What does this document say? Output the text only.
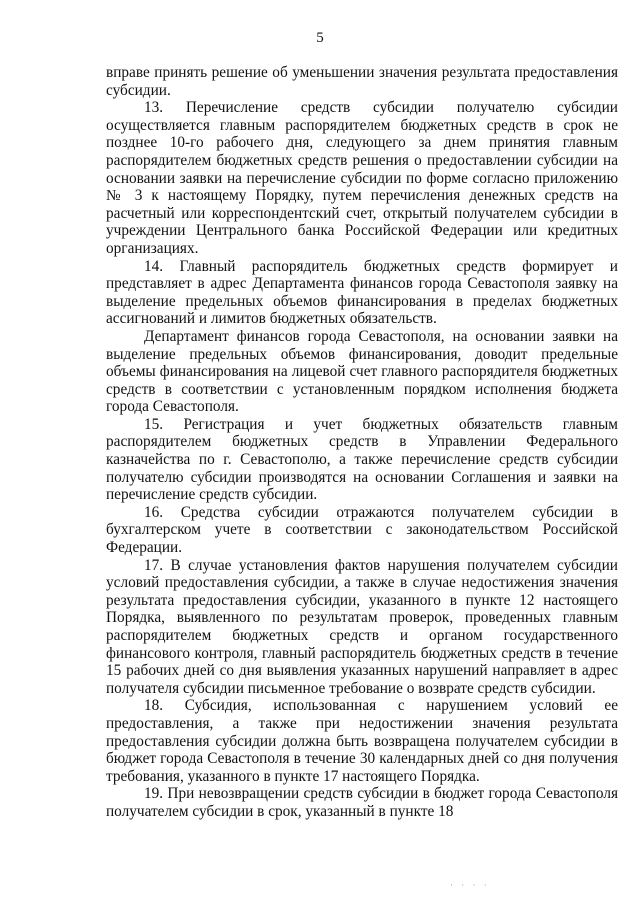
5

вправе принять решение об уменьшении значения результата предоставления субсидии.

13. Перечисление средств субсидии получателю субсидии осуществляется главным распорядителем бюджетных средств в срок не позднее 10-го рабочего дня, следующего за днем принятия главным распорядителем бюджетных средств решения о предоставлении субсидии на основании заявки на перечисление субсидии по форме согласно приложению № 3 к настоящему Порядку, путем перечисления денежных средств на расчетный или корреспондентский счет, открытый получателем субсидии в учреждении Центрального банка Российской Федерации или кредитных организациях.

14. Главный распорядитель бюджетных средств формирует и представляет в адрес Департамента финансов города Севастополя заявку на выделение предельных объемов финансирования в пределах бюджетных ассигнований и лимитов бюджетных обязательств.

Департамент финансов города Севастополя, на основании заявки на выделение предельных объемов финансирования, доводит предельные объемы финансирования на лицевой счет главного распорядителя бюджетных средств в соответствии с установленным порядком исполнения бюджета города Севастополя.

15. Регистрация и учет бюджетных обязательств главным распорядителем бюджетных средств в Управлении Федерального казначейства по г. Севастополю, а также перечисление средств субсидии получателю субсидии производятся на основании Соглашения и заявки на перечисление средств субсидии.

16. Средства субсидии отражаются получателем субсидии в бухгалтерском учете в соответствии с законодательством Российской Федерации.

17. В случае установления фактов нарушения получателем субсидии условий предоставления субсидии, а также в случае недостижения значения результата предоставления субсидии, указанного в пункте 12 настоящего Порядка, выявленного по результатам проверок, проведенных главным распорядителем бюджетных средств и органом государственного финансового контроля, главный распорядитель бюджетных средств в течение 15 рабочих дней со дня выявления указанных нарушений направляет в адрес получателя субсидии письменное требование о возврате средств субсидии.

18. Субсидия, использованная с нарушением условий ее предоставления, а также при недостижении значения результата предоставления субсидии должна быть возвращена получателем субсидии в бюджет города Севастополя в течение 30 календарных дней со дня получения требования, указанного в пункте 17 настоящего Порядка.

19. При невозвращении средств субсидии в бюджет города Севастополя получателем субсидии в срок, указанный в пункте 18

· · · ·
